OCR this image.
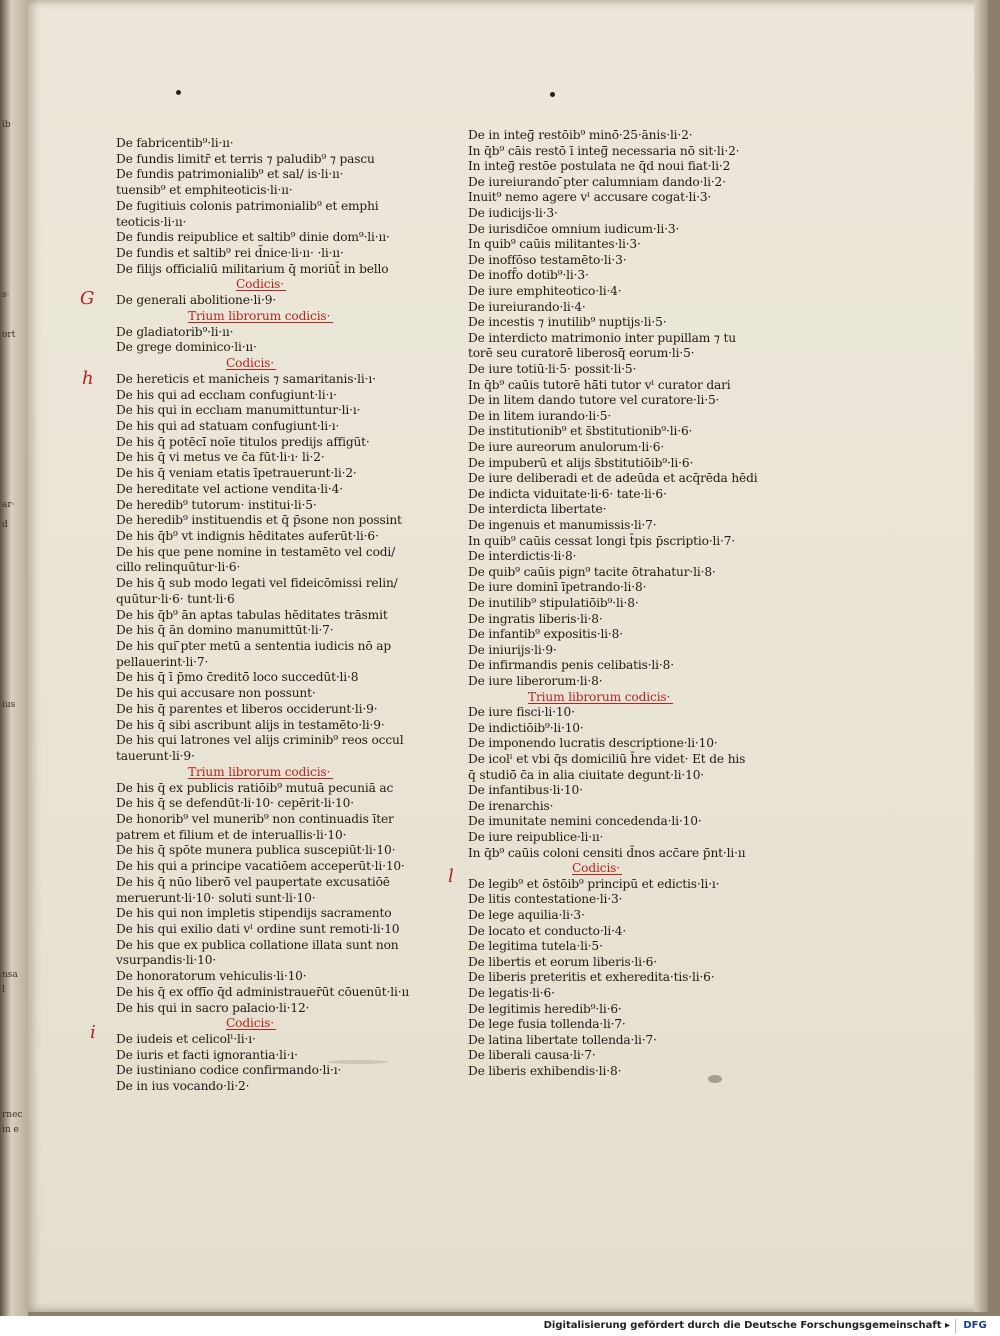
ib
s·
ort
ar·
d
ius
nsa
l
rnec
in e
De fabricentib⁹·li·ıı·
De fundis limitr̄ et terris ⁊ paludib⁹ ⁊ pascu
De fundis patrimonialib⁹ et sal/ is·li·ıı·
tuensib⁹ et emphiteoticis·li·ıı·
De fugitiuis colonis patrimonialib⁹ et emphi
teoticis·li·ıı·
De fundis reipublice et saltib⁹ dinie dom⁹·li·ıı·
De fundis et saltib⁹ rei d̃nice·li·ıı· ·li·ıı·
De filijs officialiū militarium q̄ moriūt̄ in bello
Codicis·
De generali abolitione·li·9·
Trium librorum codicis·
De gladiatorib⁹·li·ıı·
De grege dominico·li·ıı·
Codicis·
De hereticis et manicheis ⁊ samaritanis·li·ı·
De his qui ad ecclıam confugiunt·li·ı·
De his qui in ecclıam manumittuntur·li·ı·
De his qui ad statuam confugiunt·li·ı·
De his q̄ potēcı̄̄ noīe titulos predijs affigūt·
De his q̄ vi metus ve c̄a fūt·li·ı· li·2·
De his q̄ veniam etatis īpetrauerunt·li·2·
De hereditate vel actione vendita·li·4·
De heredib⁹ tutorum· institui·li·5·
De heredib⁹ instituendis et q̄ p̄sone non possint
De his q̄b⁹ vt indignis hēditates auferūt·li·6·
De his que pene nomine in testamēto vel codi/
cillo relinquūtur·li·6·
De his q̄ sub modo legati vel fideicōmissi relin/
quūtur·li·6· tunt·li·6
De his q̄b⁹ ān aptas tabulas hēditates trāsmit
De his q̄ ān domino manumittūt·li·7·
De his qui ̄pter metū a sententia iudicis nō ap
pellauerint·li·7·
De his q̄ ī p̄mo c̄reditō̄ loco succedūt·li·8
De his qui accusare non possunt·
De his q̄ parentes et liberos occiderunt·li·9·
De his q̄ sibi ascribunt alijs in testamēto·li·9·
De his qui latrones vel alijs criminib⁹ reos occul
tauerunt·li·9·
Trium librorum codicis·
De his q̄ ex publicis ratiōib⁹ mutuā pecuniā ac
De his q̄ se defendūt·li·10· cepērit·li·10·
De honorib⁹ vel munerib⁹ non continuadis īter
patrem et filium et de interuallis·li·10·
De his q̄ spōte munera publica suscepiūt·li·10·
De his qui a principe vacatiōem acceperūt·li·10·
De his q̄ nūo liberō̄ vel paupertate excusatiōē
meruerunt·li·10· soluti sunt·li·10·
De his qui non impletis stipendijs sacramento
De his qui exilio dati vˡ ordine sunt remoti·li·10
De his que ex publica collatione illata sunt non
vsurpandis·li·10·
De honoratorum vehiculis·li·10·
De his q̄ ex offı̄o q̄d administrauer̄ūt cōuenūt·li·ıı
De his qui in sacro palacio·li·12·
Codicis·
De iudeis et celicolˡ·li·ı·
De iuris et facti ignorantia·li·ı·
De iustiniano codice confirmando·li·ı·
De in ius vocando·li·2·
De in inteḡ̄ restōib⁹ minō̄·25·ānis·li·2·
In q̄b⁹ cāis restō ī inteḡ̄ necessaria nō sit·li·2·
In inteḡ̄ restōe postulata ne q̄d noui fiat·li·2
De iureiurando ̄pter calumniam dando·li·2·
Inuit⁹ nemo agere vˡ accusare cogat·li·3·
De iudicijs·li·3·
De iurisdic̄oe omnium iudicum·li·3·
In quib⁹ caūis militantes·li·3·
De inoffōso testamēto·li·3·
De inoff̄o dotib⁹·li·3·
De iure emphiteotico·li·4·
De iureiurando·li·4·
De incestis ⁊ inutilib⁹ nuptijs·li·5·
De interdicto matrimonio inter pupillam ⁊ tu
torē seu curatorē liberosq̄̄ eorum·li·5·
De iure totiū·li·5· possit·li·5·
In q̄b⁹ caūis tutorē hā̄ti tutor vˡ curator dari
De in litem dando tutore vel curatore·li·5·
De in litem iurando·li·5·
De institutionib⁹ et s̄bstitutionib⁹·li·6·
De iure aureorum anulorum·li·6·
De impuberū et alijs s̄bstitutiōib⁹·li·6·
De iure deliberadi et de adeūda et acq̄rēda hēdi
De indicta viduitate·li·6· tate·li·6·
De interdicta libertate·
De ingenuis et manumissis·li·7·
In quib⁹ caūis cessat longi t̄pis p̄scriptio·li·7·
De interdictis·li·8·
De quib⁹ caūis pign⁹ tacite ōtrahatur·li·8·
De iure dominī īpetrando·li·8·
De inutilib⁹ stipulatiōib⁹·li·8·
De ingratis liberis·li·8·
De infantib⁹ expositis·li·8·
De iniurijs·li·9·
De infirmandis penis celibatis·li·8·
De iure liberorum·li·8·
Trium librorum codicis·
De iure fisci·li·10·
De indictiōib⁹·li·10·
De imponendo lucratis descriptione·li·10·
De icolˡ et vbi q̄s domiciliū h̄re videt· Et de his
q̄ studiō̄ c̄a in alia ciuitate degunt·li·10·
De infantibus·li·10·
De irenarchis·
De imunitate nemini concedenda·li·10·
De iure reipublice·li·ıı·
In q̄b⁹ caūis coloni censiti d̄nos acc̄are p̄nt·li·ıı
Codicis·
De legib⁹ et ōstōib⁹ principū et edictis·li·ı·
De litis contestatione·li·3·
De lege aquilia·li·3·
De locato et conducto·li·4·
De legitima tutela·li·5·
De libertis et eorum liberis·li·6·
De liberis preteritis et exheredita·tis·li·6·
De legatis·li·6·
De legitimis heredib⁹·li·6·
De lege fusia tollenda·li·7·
De latina libertate tollenda·li·7·
De liberali causa·li·7·
De liberis exhibendis·li·8·
G
h
i
l
Digitalisierung gefördert durch die Deutsche Forschungsgemeinschaft ▸	DFG
